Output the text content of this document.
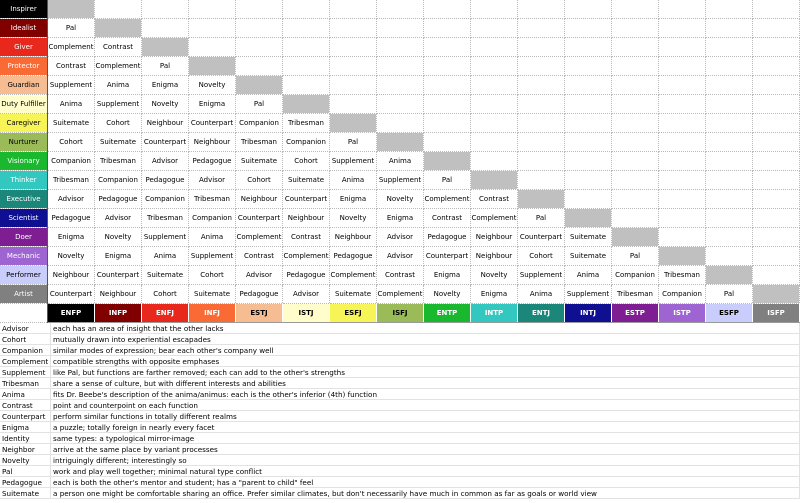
Inspirer																
Idealist	Pal															
Giver	Complement	Contrast														
Protector	Contrast	Complement	Pal													
Guardian	Supplement	Anima	Enigma	Novelty												
Duty Fulfiller	Anima	Supplement	Novelty	Enigma	Pal											
Caregiver	Suitemate	Cohort	Neighbour	Counterpart	Companion	Tribesman										
Nurturer	Cohort	Suitemate	Counterpart	Neighbour	Tribesman	Companion	Pal									
Visionary	Companion	Tribesman	Advisor	Pedagogue	Suitemate	Cohort	Supplement	Anima								
Thinker	Tribesman	Companion	Pedagogue	Advisor	Cohort	Suitemate	Anima	Supplement	Pal							
Executive	Advisor	Pedagogue	Companion	Tribesman	Neighbour	Counterpart	Enigma	Novelty	Complement	Contrast						
Scientist	Pedagogue	Advisor	Tribesman	Companion	Counterpart	Neighbour	Novelty	Enigma	Contrast	Complement	Pal					
Doer	Enigma	Novelty	Supplement	Anima	Complement	Contrast	Neighbour	Advisor	Pedagogue	Neighbour	Counterpart	Suitemate				
Mechanic	Novelty	Enigma	Anima	Supplement	Contrast	Complement	Pedagogue	Advisor	Counterpart	Neighbour	Cohort	Suitemate	Pal			
Performer	Neighbour	Counterpart	Suitemate	Cohort	Advisor	Pedagogue	Complement	Contrast	Enigma	Novelty	Supplement	Anima	Companion	Tribesman		
Artist	Counterpart	Neighbour	Cohort	Suitemate	Pedagogue	Advisor	Suitemate	Complement	Novelty	Enigma	Anima	Supplement	Tribesman	Companion	Pal	
	ENFP	INFP	ENFJ	INFJ	ESTJ	ISTJ	ESFJ	ISFJ	ENTP	INTP	ENTJ	INTJ	ESTP	ISTP	ESFP	ISFP
Advisor	each has an area of insight that the other lacks
Cohort	mutually drawn into experiential escapades
Companion	similar modes of expression; bear each other's company well
Complement	compatible strengths with opposite emphases
Supplement	like Pal, but functions are farther removed; each can add to the other's strengths
Tribesman	share a sense of culture, but with different interests and abilities
Anima	fits Dr. Beebe's description of the anima/animus: each is the other's inferior (4th) function
Contrast	point and counterpoint on each function
Counterpart	perform similar functions in totally different realms
Enigma	a puzzle; totally foreign in nearly every facet
Identity	same types: a typological mirror-image
Neighbor	arrive at the same place by variant processes
Novelty	intriguingly different; interestingly so
Pal	work and play well together; minimal natural type conflict
Pedagogue	each is both the other's mentor and student; has a "parent to child" feel
Suitemate	a person one might be comfortable sharing an office. Prefer similar climates, but don't necessarily have much in common as far as goals or world view
